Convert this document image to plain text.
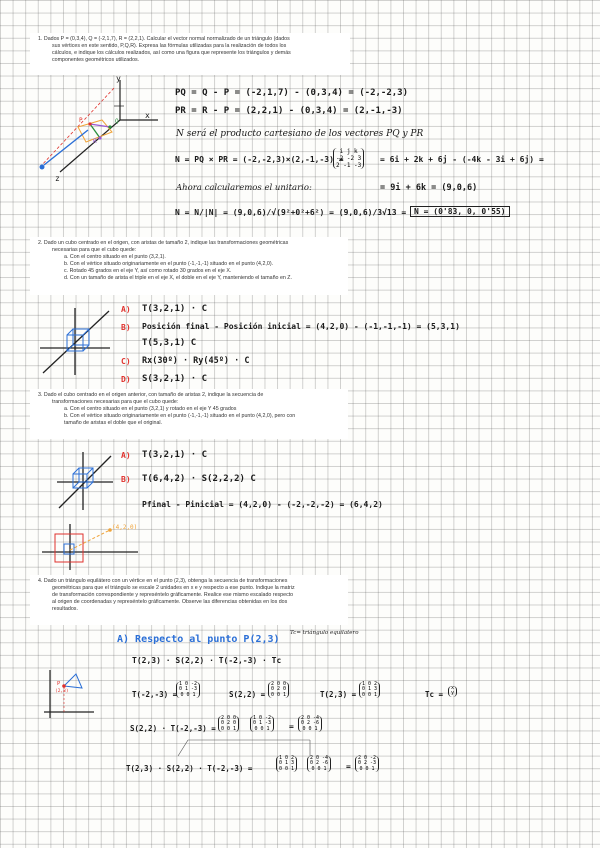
1. Dados P = (0,3,4), Q = (-2,1,7), R = (2,2,1). Calcular el vector normal normalizado de un triángulo (dados

sus vértices en este sentido, P,Q,R). Expresa las fórmulas utilizadas para la realización de todos los

cálculos, e indique los cálculos realizados, así como una figura que represente los triángulos y demás

componentes geométricos utilizados.

2. Dado un cubo centrado en el origen, con aristas de tamaño 2, indique las transformaciones geométricas

necesarias para que el cubo quede:

a. Con el centro situado en el punto (3,2,1).

b. Con el vértice situado originariamente en el punto (-1,-1,-1) situado en el punto (4,2,0).

c. Rotado 45 grados en el eje Y, así como rotado 30 grados en el eje X.

d. Con un tamaño de arista el triple en el eje X, el doble en el eje Y, manteniendo el tamaño en Z.

3. Dado el cubo centrado en el origen anterior, con tamaño de aristas 2, indique la secuencia de

transformaciones necesarias para que el cubo quede:

a. Con el centro situado en el punto (3,2,1) y rotado en el eje Y 45 grados

b. Con el vértice situado originariamente en el punto (-1,-1,-1) situado en el punto (4,2,0), pero con

tamaño de aristas el doble que el original.

4. Dado un triángulo equilátero con un vértice en el punto (2,3), obtenga la secuencia de transformaciones

geométricas para que el triángulo se escale 2 unidades en x e y respecto a ese punto. Indique la matriz

de transformación correspondiente y represéntelo gráficamente. Realice ese mismo escalado respecto

al origen de coordenadas y represéntelo gráficamente. Observe las diferencias obtenidas en los dos

resultados.

y
x
z
P	Q
R
PQ = Q - P = (-2,1,7) - (0,3,4) = (-2,-2,3)
PR = R - P = (2,2,1) - (0,3,4) = (2,-1,-3)
N será el producto cartesiano de los vectores PQ y PR
N = PQ × PR = (-2,-2,3)×(2,-1,-3) =
i j k
-2 -2 3
2 -1 -3
= 6i + 2k + 6j - (-4k - 3i + 6j) =
Ahora calcularemos el unitario:	= 9i + 6k = (9,0,6)
N = N/|N| = (9,0,6)/√(9²+0²+6²) = (9,0,6)/3√13 = N = (0'83, 0, 0'55)
A) T(3,2,1) · C
B) Posición final - Posición inicial = (4,2,0) - (-1,-1,-1) = (5,3,1)
T(5,3,1) C
C) Rx(30º) · Ry(45º) · C
D) S(3,2,1) · C
(4,2,0)
A) T(3,2,1) · C
B) T(6,4,2) · S(2,2,2) C
Pfinal - Pinicial = (4,2,0) - (-2,-2,-2) = (6,4,2)
A) Respecto al punto P(2,3)
Tc= triángulo equilatero
T(2,3) · S(2,2) · T(-2,-3) · Tc
P
(2,3)	T(-2,-3) =
1 0 -2
0 1 -3
0 0 1	S(2,2) =
2 0 0
0 2 0
0 0 1	T(2,3) =
1 0 2
0 1 3
0 0 1	Tc =
x
y
S(2,2) · T(-2,-3) =
2 0 0
0 2 0
0 0 1
1 0 -2
0 1 -3
0 0 1 =
2 0 -4
0 2 -6
0 0 1
T(2,3) · S(2,2) · T(-2,-3) =
1 0 2
0 1 3
0 0 1
2 0 -4
0 2 -6
0 0 1 =
2 0 -2
0 2 -3
0 0 1
